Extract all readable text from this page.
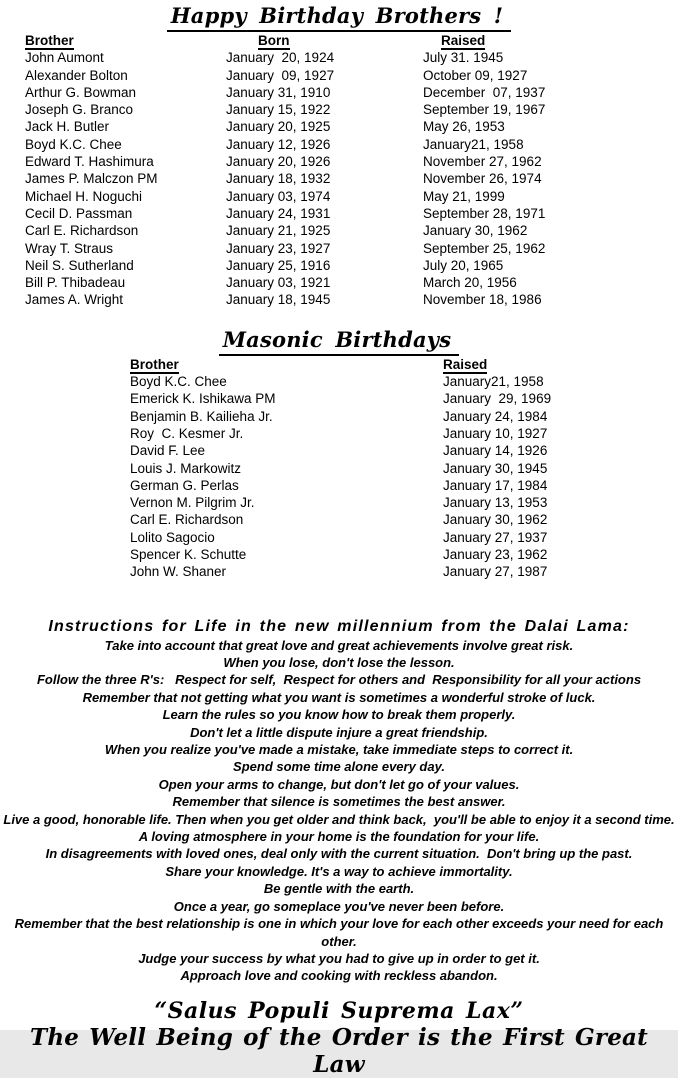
Happy Birthday Brothers !
Brother	Born	Raised
John Aumont	January  20, 1924	July 31. 1945
Alexander Bolton	January  09, 1927	October 09, 1927
Arthur G. Bowman	January 31, 1910	December  07, 1937
Joseph G. Branco	January 15, 1922	September 19, 1967
Jack H. Butler	January 20, 1925	May 26, 1953
Boyd K.C. Chee	January 12, 1926	January21, 1958
Edward T. Hashimura	January 20, 1926	November 27, 1962
James P. Malczon PM	January 18, 1932	November 26, 1974
Michael H. Noguchi	January 03, 1974	May 21, 1999
Cecil D. Passman	January 24, 1931	September 28, 1971
Carl E. Richardson	January 21, 1925	January 30, 1962
Wray T. Straus	January 23, 1927	September 25, 1962
Neil S. Sutherland	January 25, 1916	July 20, 1965
Bill P. Thibadeau	January 03, 1921	March 20, 1956
James A. Wright	January 18, 1945	November 18, 1986
Masonic Birthdays
Brother	Raised
Boyd K.C. Chee	January21, 1958
Emerick K. Ishikawa PM	January  29, 1969
Benjamin B. Kailieha Jr.	January 24, 1984
Roy  C. Kesmer Jr.	January 10, 1927
David F. Lee	January 14, 1926
Louis J. Markowitz	January 30, 1945
German G. Perlas	January 17, 1984
Vernon M. Pilgrim Jr.	January 13, 1953
Carl E. Richardson	January 30, 1962
Lolito Sagocio	January 27, 1937
Spencer K. Schutte	January 23, 1962
John W. Shaner	January 27, 1987
Instructions for Life in the new millennium from the Dalai Lama:
Take into account that great love and great achievements involve great risk.
When you lose, don't lose the lesson.
Follow the three R's:   Respect for self,  Respect for others and  Responsibility for all your actions
Remember that not getting what you want is sometimes a wonderful stroke of luck.
Learn the rules so you know how to break them properly.
Don't let a little dispute injure a great friendship.
When you realize you've made a mistake, take immediate steps to correct it.
Spend some time alone every day.
Open your arms to change, but don't let go of your values.
Remember that silence is sometimes the best answer.
Live a good, honorable life. Then when you get older and think back,  you'll be able to enjoy it a second time.
A loving atmosphere in your home is the foundation for your life.
In disagreements with loved ones, deal only with the current situation.  Don't bring up the past.
Share your knowledge. It's a way to achieve immortality.
Be gentle with the earth.
Once a year, go someplace you've never been before.
Remember that the best relationship is one in which your love for each other exceeds your need for each other.
Judge your success by what you had to give up in order to get it.
Approach love and cooking with reckless abandon.
“Salus Populi Suprema Lax”
The Well Being of the Order is the First Great Law
